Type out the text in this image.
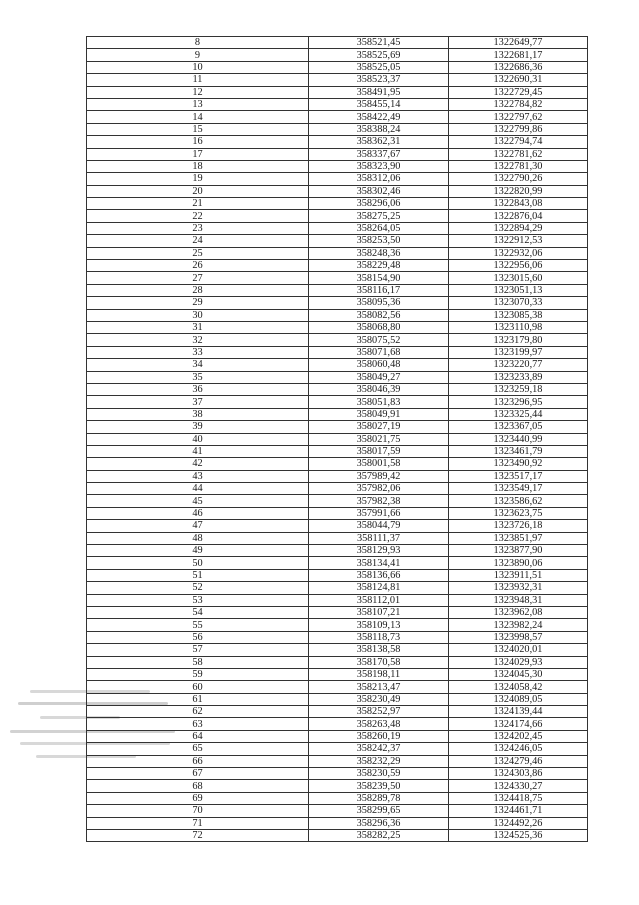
8	358521,45	1322649,77
9	358525,69	1322681,17
10	358525,05	1322686,36
11	358523,37	1322690,31
12	358491,95	1322729,45
13	358455,14	1322784,82
14	358422,49	1322797,62
15	358388,24	1322799,86
16	358362,31	1322794,74
17	358337,67	1322781,62
18	358323,90	1322781,30
19	358312,06	1322790,26
20	358302,46	1322820,99
21	358296,06	1322843,08
22	358275,25	1322876,04
23	358264,05	1322894,29
24	358253,50	1322912,53
25	358248,36	1322932,06
26	358229,48	1322956,06
27	358154,90	1323015,60
28	358116,17	1323051,13
29	358095,36	1323070,33
30	358082,56	1323085,38
31	358068,80	1323110,98
32	358075,52	1323179,80
33	358071,68	1323199,97
34	358060,48	1323220,77
35	358049,27	1323233,89
36	358046,39	1323259,18
37	358051,83	1323296,95
38	358049,91	1323325,44
39	358027,19	1323367,05
40	358021,75	1323440,99
41	358017,59	1323461,79
42	358001,58	1323490,92
43	357989,42	1323517,17
44	357982,06	1323549,17
45	357982,38	1323586,62
46	357991,66	1323623,75
47	358044,79	1323726,18
48	358111,37	1323851,97
49	358129,93	1323877,90
50	358134,41	1323890,06
51	358136,66	1323911,51
52	358124,81	1323932,31
53	358112,01	1323948,31
54	358107,21	1323962,08
55	358109,13	1323982,24
56	358118,73	1323998,57
57	358138,58	1324020,01
58	358170,58	1324029,93
59	358198,11	1324045,30
60	358213,47	1324058,42
61	358230,49	1324089,05
62	358252,97	1324139,44
63	358263,48	1324174,66
64	358260,19	1324202,45
65	358242,37	1324246,05
66	358232,29	1324279,46
67	358230,59	1324303,86
68	358239,50	1324330,27
69	358289,78	1324418,75
70	358299,65	1324461,71
71	358296,36	1324492,26
72	358282,25	1324525,36
